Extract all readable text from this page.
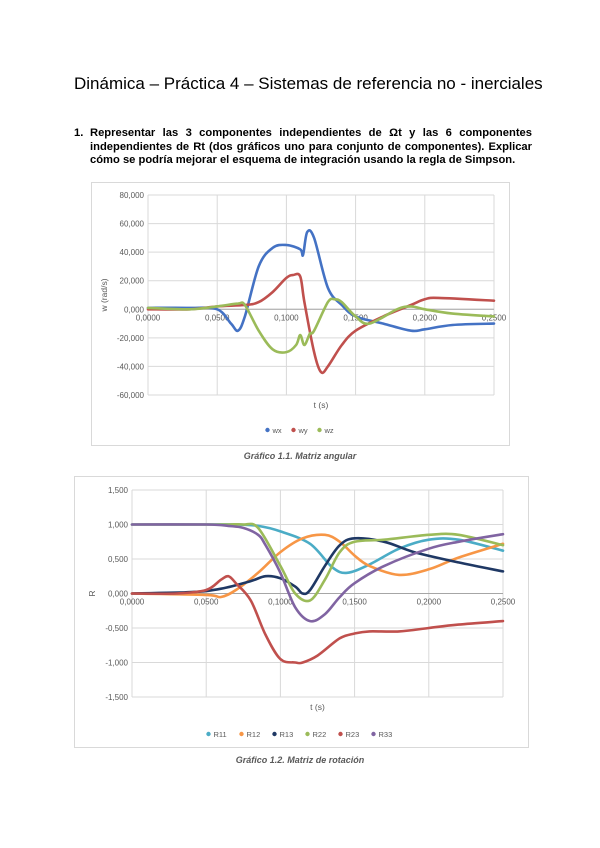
Dinámica – Práctica 4 – Sistemas de referencia no - inerciales
1. Representar las 3 componentes independientes de Ωt y las 6 componentes independientes de Rt (dos gráficos uno para conjunto de componentes). Explicar cómo se podría mejorar el esquema de integración usando la regla de Simpson.
80,000
60,000
40,000
20,000
0,000
-20,000
-40,000
-60,000
0,0000	0,0500	0,1000	0,1500	0,2000	0,2500
t (s)
w (rad/s)
wx wy wz
Gráfico 1.1. Matriz angular
1,500
1,000
0,500
0,000
-0,500
-1,000
-1,500
0,0000	0,0500	0,1000	0,1500	0,2000	0,2500
t (s)
R
R11	R12	R13	R22	R23	R33
Gráfico 1.2. Matriz de rotación
